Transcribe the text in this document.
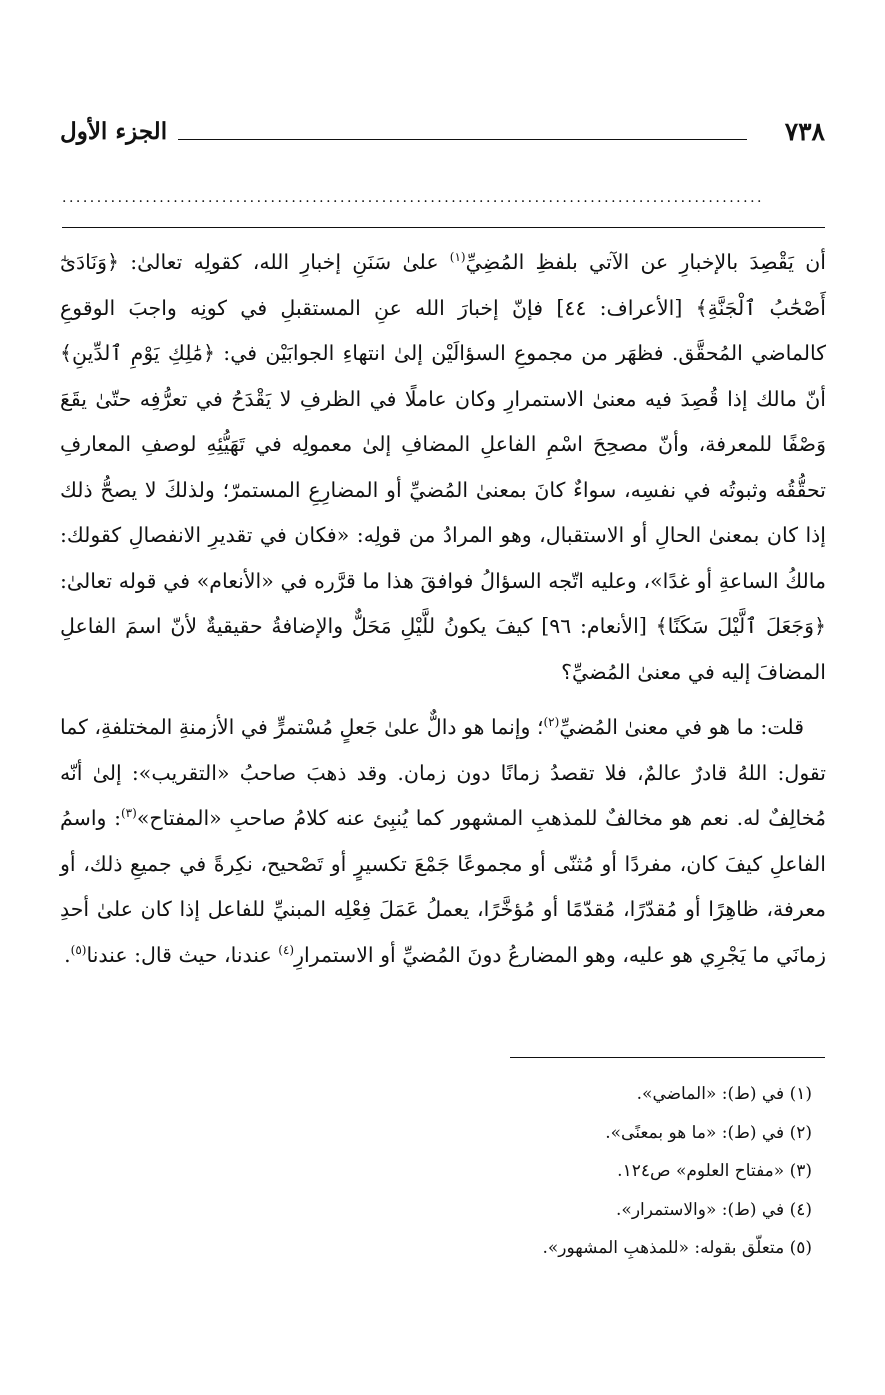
٧٣٨
الجزء الأول
.....................................................................................................

أن يَقْصِدَ بالإخبارِ عن الآتي بلفظِ المُضِيِّ$^{(١)}$ علىٰ سَنَنِ إخبارِ الله، كقولِه تعالىٰ: ﴿وَنَادَىٰٓ أَصْحَٰبُ ٱلْجَنَّةِ﴾ [الأعراف: ٤٤] فإنّ إخبارَ الله عنِ المستقبلِ في كونِه واجبَ الوقوعِ كالماضي المُحقَّق. فظهَر من مجموعِ السؤالَيْن إلىٰ انتهاءِ الجوابَيْن في: ﴿مَٰلِكِ يَوْمِ ٱلدِّينِ﴾ أنّ مالك إذا قُصِدَ فيه معنىٰ الاستمرارِ وكان عاملًا في الظرفِ لا يَقْدَحُ في تعرُّفِه حتّىٰ يقَعَ وَصْفًا للمعرفة، وأنّ مصحِحَ اسْمِ الفاعلِ المضافِ إلىٰ معمولِه في تَهَيُّئِهِ لوصفِ المعارفِ تحقُّقُه وثبوتُه في نفسِه، سواءٌ كانَ بمعنىٰ المُضيِّ أو المضارِعِ المستمرّ؛ ولذلكَ لا يصحُّ ذلك إذا كان بمعنىٰ الحالِ أو الاستقبال، وهو المرادُ من قولِه: «فكان في تقديرِ الانفصالِ كقولك: مالكُ الساعةِ أو غدًا»، وعليه اتّجه السؤالُ فوافقَ هذا ما قرَّره في «الأنعام» في قوله تعالىٰ: ﴿وَجَعَلَ ٱلَّيْلَ سَكَنًا﴾ [الأنعام: ٩٦] كيفَ يكونُ للَّيْلِ مَحَلٌّ والإضافةُ حقيقيةٌ لأنّ اسمَ الفاعلِ المضافَ إليه في معنىٰ المُضيِّ؟

قلت: ما هو في معنىٰ المُضيِّ$^{(٢)}$؛ وإنما هو دالٌّ علىٰ جَعلٍ مُسْتمرٍّ في الأزمنةِ المختلفةِ، كما تقول: اللهُ قادرٌ عالمٌ، فلا تقصدُ زمانًا دون زمان. وقد ذهبَ صاحبُ «التقريب»: إلىٰ أنّه مُخالِفٌ له. نعم هو مخالفٌ للمذهبِ المشهور كما يُنبِئ عنه كلامُ صاحبِ «المفتاح»$^{(٣)}$: واسمُ الفاعلِ كيفَ كان، مفردًا أو مُثنّى أو مجموعًا جَمْعَ تكسيرٍ أو تَصْحيح، نكِرةً في جميعِ ذلك، أو معرفة، ظاهِرًا أو مُقدّرًا، مُقدّمًا أو مُؤخَّرًا، يعملُ عَمَلَ فِعْلِه المبنيِّ للفاعل إذا كان علىٰ أحدِ زمانَي ما يَجْرِي هو عليه، وهو المضارعُ دونَ المُضيِّ أو الاستمرارِ$^{(٤)}$ عندنا، حيث قال: عندنا$^{(٥)}$.

(١) في (ط): «الماضي».
(٢) في (ط): «ما هو بمعنًى».
(٣) «مفتاح العلوم» ص١٢٤.
(٤) في (ط): «والاستمرار».
(٥) متعلّق بقوله: «للمذهبِ المشهور».
